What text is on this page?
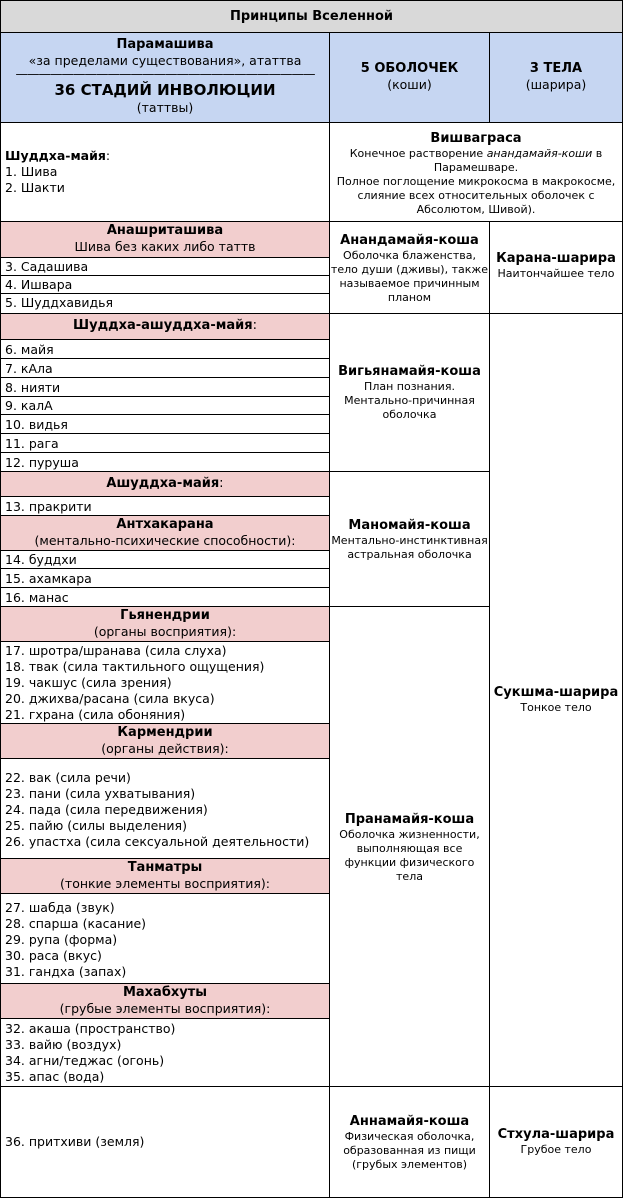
Принципы Вселенной
Парамашива
«за пределами существования», ататтва
——————————————————————————
36 СТАДИЙ ИНВОЛЮЦИИ
(таттвы)
5 ОБОЛОЧЕК
(коши)
3 ТЕЛА
(шарира)
Шуддха-майя:
1. Шива
2. Шакти
Вишваграса
Конечное растворение анандамайя-коши в
Парамешваре.
Полное поглощение микрокосма в макрокосме,
слияние всех относительных оболочек с
Абсолютом, Шивой).
Анашриташива
Шива без каких либо таттв
3. Садашива
4. Ишвара
5. Шуддхавидья
Анандамайя-коша
Оболочка блаженства,
тело души (дживы), также
называемое причинным
планом
Карана-шарира
Наитончайшее тело
Шуддха-ашуддха-майя:
6. майя
7. кАла
8. нияти
9. калА
10. видья
11. рага
12. пуруша
Вигьянамайя-коша
План познания.
Ментально-причинная
оболочка
Ашуддха-майя:
13. пракрити
Антхакарана
(ментально-психические способности):
14. буддхи
15. ахамкара
16. манас
Маномайя-коша
Ментально-инстинктивная
астральная оболочка
Гьянендрии
(органы восприятия):
17. шротра/шранава (сила слуха)
18. твак (сила тактильного ощущения)
19. чакшус (сила зрения)
20. джихва/расана (сила вкуса)
21. гхрана (сила обоняния)
Кармендрии
(органы действия):
22. вак (сила речи)
23. пани (сила ухватывания)
24. пада (сила передвижения)
25. пайю (силы выделения)
26. упастха (сила сексуальной деятельности)
Сукшма-шарира
Тонкое тело
Пранамайя-коша
Оболочка жизненности,
выполняющая все
функции физического
тела
Танматры
(тонкие элементы восприятия):
27. шабда (звук)
28. спарша (касание)
29. рупа (форма)
30. раса (вкус)
31. гандха (запах)
Махабхуты
(грубые элементы восприятия):
32. акаша (пространство)
33. вайю (воздух)
34. агни/теджас (огонь)
35. апас (вода)
36. притхиви (земля)
Аннамайя-коша
Физическая оболочка,
образованная из пищи
(грубых элементов)
Стхула-шарира
Грубое тело
